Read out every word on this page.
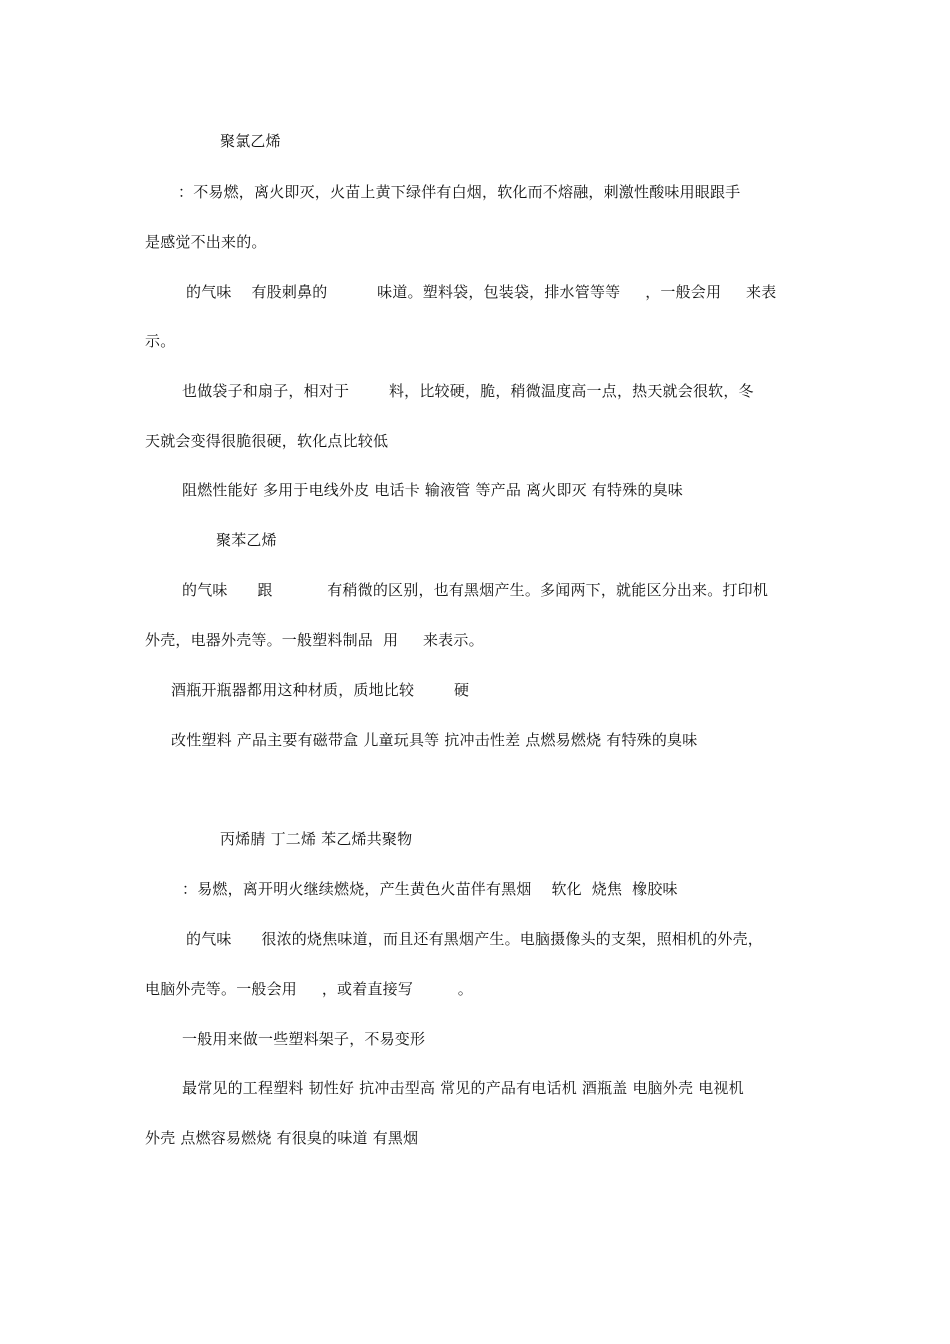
聚氯乙烯
：不易燃，离火即灭，火苗上黄下绿伴有白烟，软化而不熔融，刺激性酸味用眼跟手
是感觉不出来的。
的气味    有股刺鼻的          味道。塑料袋，包装袋，排水管等等     ，一般会用     来表
示。
也做袋子和扇子，相对于        料，比较硬，脆，稍微温度高一点，热天就会很软，冬
天就会变得很脆很硬，软化点比较低
阻燃性能好 多用于电线外皮 电话卡 输液管 等产品 离火即灭 有特殊的臭味
聚苯乙烯
的气味      跟           有稍微的区别，也有黑烟产生。多闻两下，就能区分出来。打印机
外壳，电器外壳等。一般塑料制品  用     来表示。
酒瓶开瓶器都用这种材质，质地比较        硬
改性塑料 产品主要有磁带盒 儿童玩具等 抗冲击性差 点燃易燃烧 有特殊的臭味
丙烯腈 丁二烯 苯乙烯共聚物
：易燃，离开明火继续燃烧，产生黄色火苗伴有黑烟    软化  烧焦  橡胶味
的气味      很浓的烧焦味道，而且还有黑烟产生。电脑摄像头的支架，照相机的外壳，
电脑外壳等。一般会用     ，或着直接写         。
一般用来做一些塑料架子，不易变形
最常见的工程塑料 韧性好 抗冲击型高 常见的产品有电话机 酒瓶盖 电脑外壳 电视机
外壳 点燃容易燃烧 有很臭的味道 有黑烟
